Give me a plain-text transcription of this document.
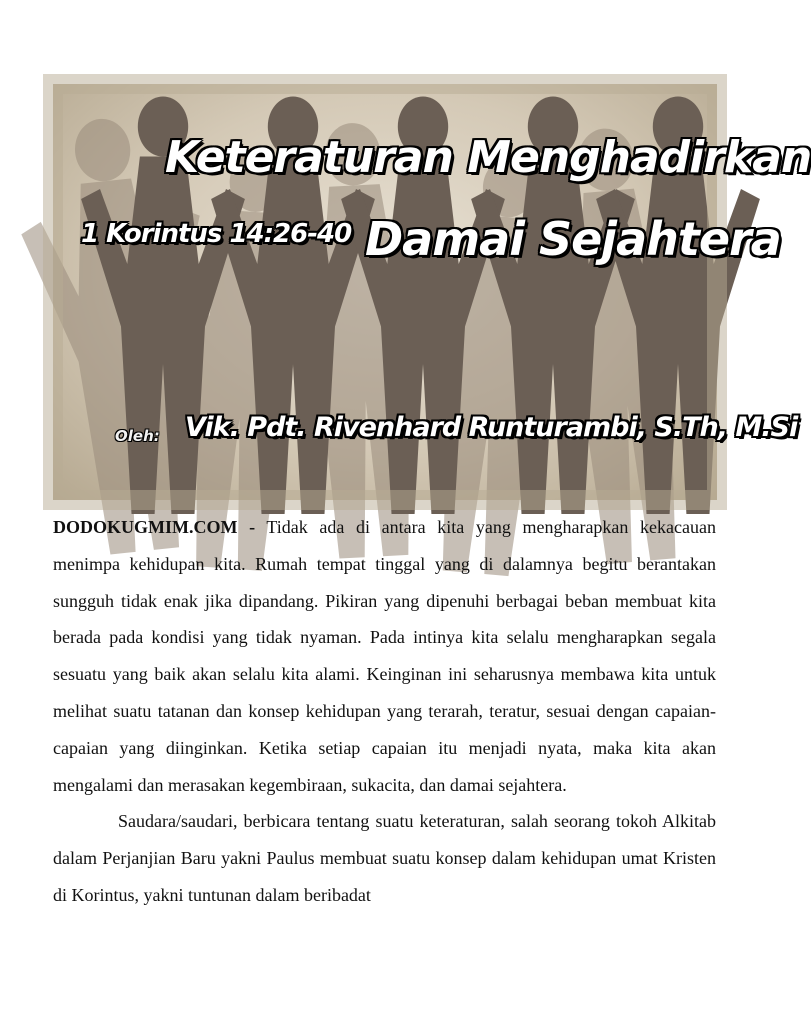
Keteraturan Menghadirkan
1 Korintus 14:26-40 Damai Sejahtera
Oleh: Vik. Pdt. Rivenhard Runturambi, S.Th, M.Si

DODOKUGMIM.COM - Tidak ada di antara kita yang mengharapkan kekacauan menimpa kehidupan kita. Rumah tempat tinggal yang di dalamnya begitu berantakan sungguh tidak enak jika dipandang. Pikiran yang dipenuhi berbagai beban membuat kita berada pada kondisi yang tidak nyaman. Pada intinya kita selalu mengharapkan segala sesuatu yang baik akan selalu kita alami. Keinginan ini seharusnya membawa kita untuk melihat suatu tatanan dan konsep kehidupan yang terarah, teratur, sesuai dengan capaian-capaian yang diinginkan. Ketika setiap capaian itu menjadi nyata, maka kita akan mengalami dan merasakan kegembiraan, sukacita, dan damai sejahtera.

Saudara/saudari, berbicara tentang suatu keteraturan, salah seorang tokoh Alkitab dalam Perjanjian Baru yakni Paulus membuat suatu konsep dalam kehidupan umat Kristen di Korintus, yakni tuntunan dalam beribadat
